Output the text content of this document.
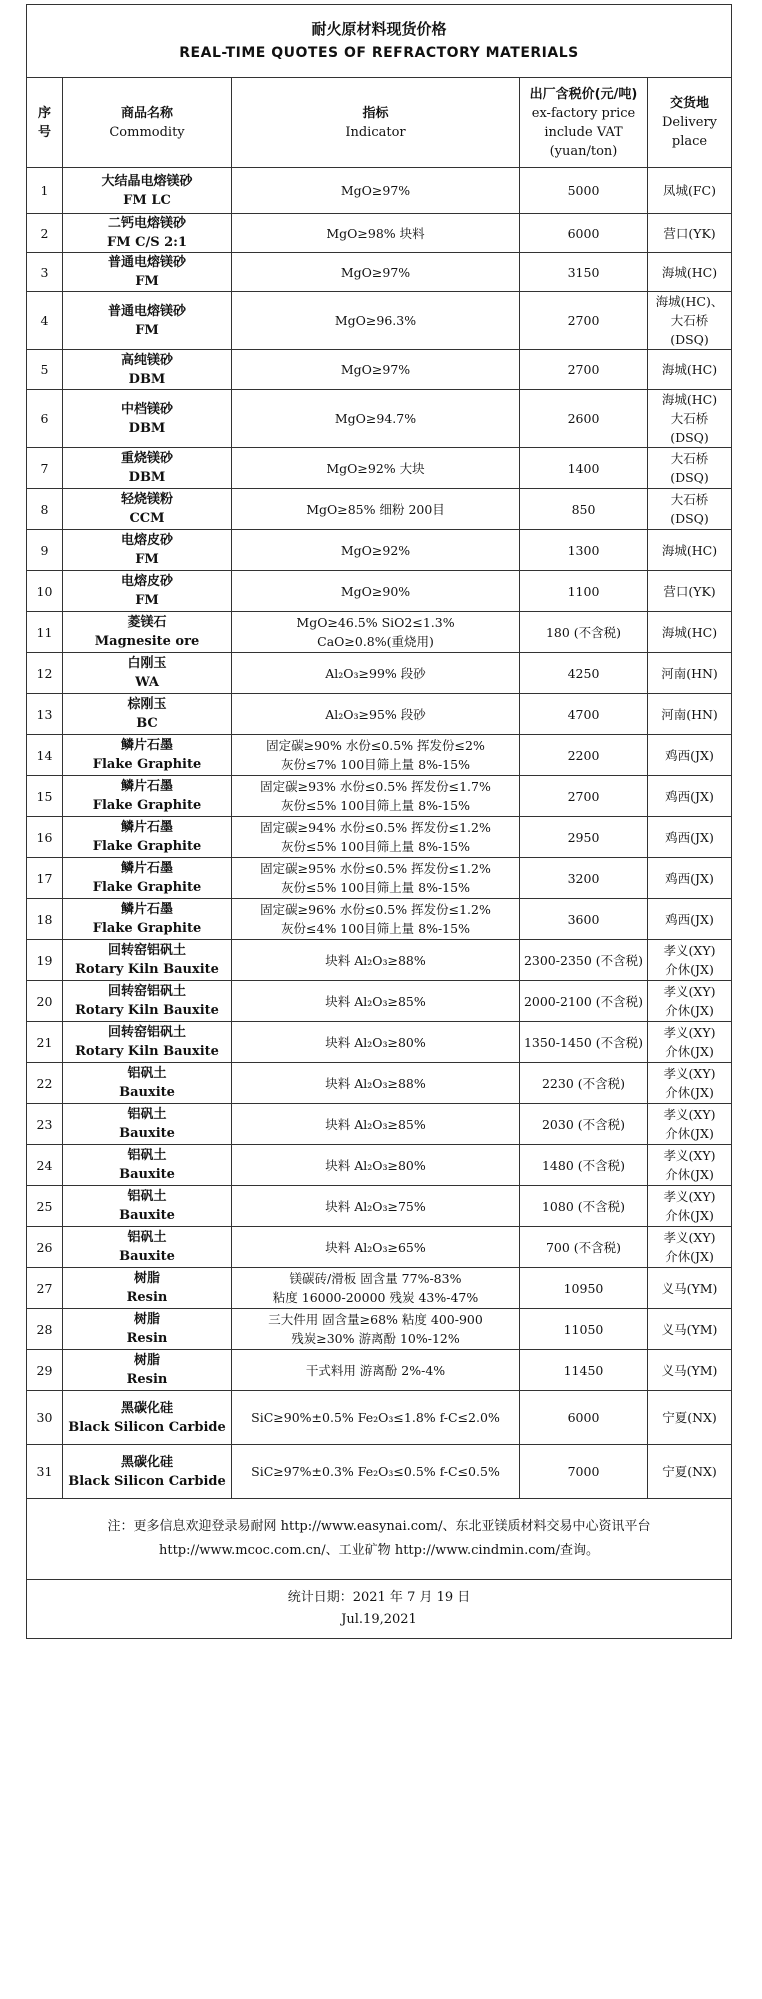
耐火原材料现货价格
REAL-TIME QUOTES OF REFRACTORY MATERIALS				

序
号	商品名称
Commodity	指标
Indicator	出厂含税价(元/吨)
ex-factory price
include VAT
(yuan/ton)	交货地
Delivery
place

1	大结晶电熔镁砂
FM LC	MgO≥97%	5000	凤城(FC)

2	二钙电熔镁砂
FM C/S 2:1	MgO≥98% 块料	6000	营口(YK)

3	普通电熔镁砂
FM	MgO≥97%	3150	海城(HC)

4	普通电熔镁砂
FM	MgO≥96.3%	2700	海城(HC)、
大石桥
(DSQ)

5	高纯镁砂
DBM	MgO≥97%	2700	海城(HC)

6	中档镁砂
DBM	MgO≥94.7%	2600	海城(HC)
大石桥
(DSQ)

7	重烧镁砂
DBM	MgO≥92% 大块	1400	大石桥
(DSQ)

8	轻烧镁粉
CCM	MgO≥85% 细粉 200目	850	大石桥
(DSQ)

9	电熔皮砂
FM	MgO≥92%	1300	海城(HC)

10	电熔皮砂
FM	MgO≥90%	1100	营口(YK)

11	菱镁石
Magnesite ore	MgO≥46.5% SiO2≤1.3%
CaO≥0.8%(重烧用)	180 (不含税)	海城(HC)

12	白刚玉
WA	Al₂O₃≥99% 段砂	4250	河南(HN)

13	棕刚玉
BC	Al₂O₃≥95% 段砂	4700	河南(HN)

14	鳞片石墨
Flake Graphite	固定碳≥90% 水份≤0.5% 挥发份≤2%
灰份≤7% 100目筛上量 8%-15%	2200	鸡西(JX)

15	鳞片石墨
Flake Graphite	固定碳≥93% 水份≤0.5% 挥发份≤1.7%
灰份≤5% 100目筛上量 8%-15%	2700	鸡西(JX)

16	鳞片石墨
Flake Graphite	固定碳≥94% 水份≤0.5% 挥发份≤1.2%
灰份≤5% 100目筛上量 8%-15%	2950	鸡西(JX)

17	鳞片石墨
Flake Graphite	固定碳≥95% 水份≤0.5% 挥发份≤1.2%
灰份≤5% 100目筛上量 8%-15%	3200	鸡西(JX)

18	鳞片石墨
Flake Graphite	固定碳≥96% 水份≤0.5% 挥发份≤1.2%
灰份≤4% 100目筛上量 8%-15%	3600	鸡西(JX)

19	回转窑铝矾土
Rotary Kiln Bauxite	块料 Al₂O₃≥88%	2300-2350 (不含税)	孝义(XY)
介休(JX)

20	回转窑铝矾土
Rotary Kiln Bauxite	块料 Al₂O₃≥85%	2000-2100 (不含税)	孝义(XY)
介休(JX)

21	回转窑铝矾土
Rotary Kiln Bauxite	块料 Al₂O₃≥80%	1350-1450 (不含税)	孝义(XY)
介休(JX)

22	铝矾土
Bauxite	块料 Al₂O₃≥88%	2230 (不含税)	孝义(XY)
介休(JX)

23	铝矾土
Bauxite	块料 Al₂O₃≥85%	2030 (不含税)	孝义(XY)
介休(JX)

24	铝矾土
Bauxite	块料 Al₂O₃≥80%	1480 (不含税)	孝义(XY)
介休(JX)

25	铝矾土
Bauxite	块料 Al₂O₃≥75%	1080 (不含税)	孝义(XY)
介休(JX)

26	铝矾土
Bauxite	块料 Al₂O₃≥65%	700 (不含税)	孝义(XY)
介休(JX)

27	树脂
Resin	镁碳砖/滑板 固含量 77%-83%
粘度 16000-20000 残炭 43%-47%	10950	义马(YM)

28	树脂
Resin	三大件用 固含量≥68% 粘度 400-900
残炭≥30% 游离酚 10%-12%	11050	义马(YM)

29	树脂
Resin	干式料用 游离酚 2%-4%	11450	义马(YM)

30	黑碳化硅
Black Silicon Carbide	SiC≥90%±0.5% Fe₂O₃≤1.8% f-C≤2.0%	6000	宁夏(NX)

31	黑碳化硅
Black Silicon Carbide	SiC≥97%±0.3% Fe₂O₃≤0.5% f-C≤0.5%	7000	宁夏(NX)

注：更多信息欢迎登录易耐网 http://www.easynai.com/、东北亚镁质材料交易中心资讯平台
http://www.mcoc.com.cn/、工业矿物 http://www.cindmin.com/查询。				

统计日期：2021 年 7 月 19 日
Jul.19,2021				
